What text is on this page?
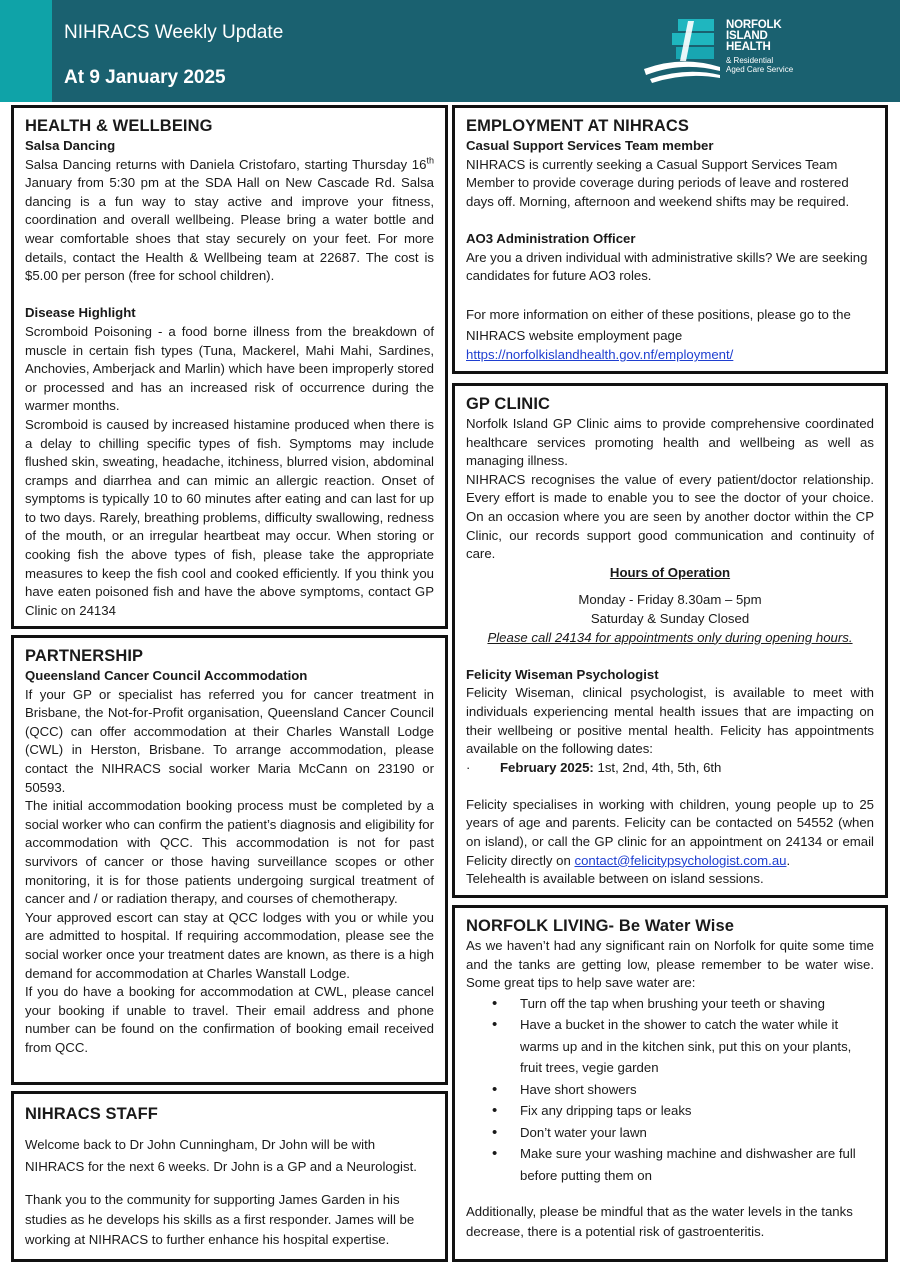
NIHRACS Weekly Update
At 9 January 2025
NORFOLK
ISLAND
HEALTH
& Residential
Aged Care Service
HEALTH & WELLBEING
Salsa Dancing

Salsa Dancing returns with Daniela Cristofaro, starting Thursday 16th January from 5:30 pm at the SDA Hall on New Cascade Rd. Salsa dancing is a fun way to stay active and improve your fitness, coordination and overall wellbeing. Please bring a water bottle and wear comfortable shoes that stay securely on your feet. For more details, contact the Health & Wellbeing team at 22687. The cost is $5.00 per person (free for school children).

Disease Highlight

Scromboid Poisoning - a food borne illness from the breakdown of muscle in certain fish types (Tuna, Mackerel, Mahi Mahi, Sardines, Anchovies, Amberjack and Marlin) which have been improperly stored or processed and has an increased risk of occurrence during the warmer months.

Scromboid is caused by increased histamine produced when there is a delay to chilling specific types of fish. Symptoms may include flushed skin, sweating, headache, itchiness, blurred vision, abdominal cramps and diarrhea and can mimic an allergic reaction. Onset of symptoms is typically 10 to 60 minutes after eating and can last for up to two days. Rarely, breathing problems, difficulty swallowing, redness of the mouth, or an irregular heartbeat may occur. When storing or cooking fish the above types of fish, please take the appropriate measures to keep the fish cool and cooked efficiently. If you think you have eaten poisoned fish and have the above symptoms, contact GP Clinic on 24134

PARTNERSHIP
Queensland Cancer Council Accommodation

If your GP or specialist has referred you for cancer treatment in Brisbane, the Not-for-Profit organisation, Queensland Cancer Council (QCC) can offer accommodation at their Charles Wanstall Lodge (CWL) in Herston, Brisbane. To arrange accommodation, please contact the NIHRACS social worker Maria McCann on 23190 or 50593.

The initial accommodation booking process must be completed by a social worker who can confirm the patient’s diagnosis and eligibility for accommodation with QCC. This accommodation is not for past survivors of cancer or those having surveillance scopes or other monitoring, it is for those patients undergoing surgical treatment of cancer and / or radiation therapy, and courses of chemotherapy.

Your approved escort can stay at QCC lodges with you or while you are admitted to hospital. If requiring accommodation, please see the social worker once your treatment dates are known, as there is a high demand for accommodation at Charles Wanstall Lodge.

If you do have a booking for accommodation at CWL, please cancel your booking if unable to travel. Their email address and phone number can be found on the confirmation of booking email received from QCC.

NIHRACS STAFF

Welcome back to Dr John Cunningham, Dr John will be with NIHRACS for the next 6 weeks. Dr John is a GP and a Neurologist.

Thank you to the community for supporting James Garden in his studies as he develops his skills as a first responder. James will be working at NIHRACS to further enhance his hospital expertise.

EMPLOYMENT AT NIHRACS
Casual Support Services Team member

NIHRACS is currently seeking a Casual Support Services Team Member to provide coverage during periods of leave and rostered days off. Morning, afternoon and weekend shifts may be required.

AO3 Administration Officer

Are you a driven individual with administrative skills? We are seeking candidates for future AO3 roles.

For more information on either of these positions, please go to the NIHRACS website employment page

https://norfolkislandhealth.gov.nf/employment/
GP CLINIC

Norfolk Island GP Clinic aims to provide comprehensive coordinated healthcare services promoting health and wellbeing as well as managing illness.

NIHRACS recognises the value of every patient/doctor relationship. Every effort is made to enable you to see the doctor of your choice. On an occasion where you are seen by another doctor within the CP Clinic, our records support good communication and continuity of care.

Hours of Operation

Monday - Friday 8.30am – 5pm

Saturday & Sunday Closed

Please call 24134 for appointments only during opening hours.

Felicity Wiseman Psychologist

Felicity Wiseman, clinical psychologist, is available to meet with individuals experiencing mental health issues that are impacting on their wellbeing or positive mental health. Felicity has appointments available on the following dates:

· February 2025: 1st, 2nd, 4th, 5th, 6th

Felicity specialises in working with children, young people up to 25 years of age and parents. Felicity can be contacted on 54552 (when on island), or call the GP clinic for an appointment on 24134 or email Felicity directly on contact@felicitypsychologist.com.au.

Telehealth is available between on island sessions.

NORFOLK LIVING- Be Water Wise

As we haven’t had any significant rain on Norfolk for quite some time and the tanks are getting low, please remember to be water wise. Some great tips to help save water are:

• Turn off the tap when brushing your teeth or shaving
• Have a bucket in the shower to catch the water while it warms up and in the kitchen sink, put this on your plants, fruit trees, vegie garden
• Have short showers
• Fix any dripping taps or leaks
• Don’t water your lawn
• Make sure your washing machine and dishwasher are full before putting them on

Additionally, please be mindful that as the water levels in the tanks decrease, there is a potential risk of gastroenteritis.
